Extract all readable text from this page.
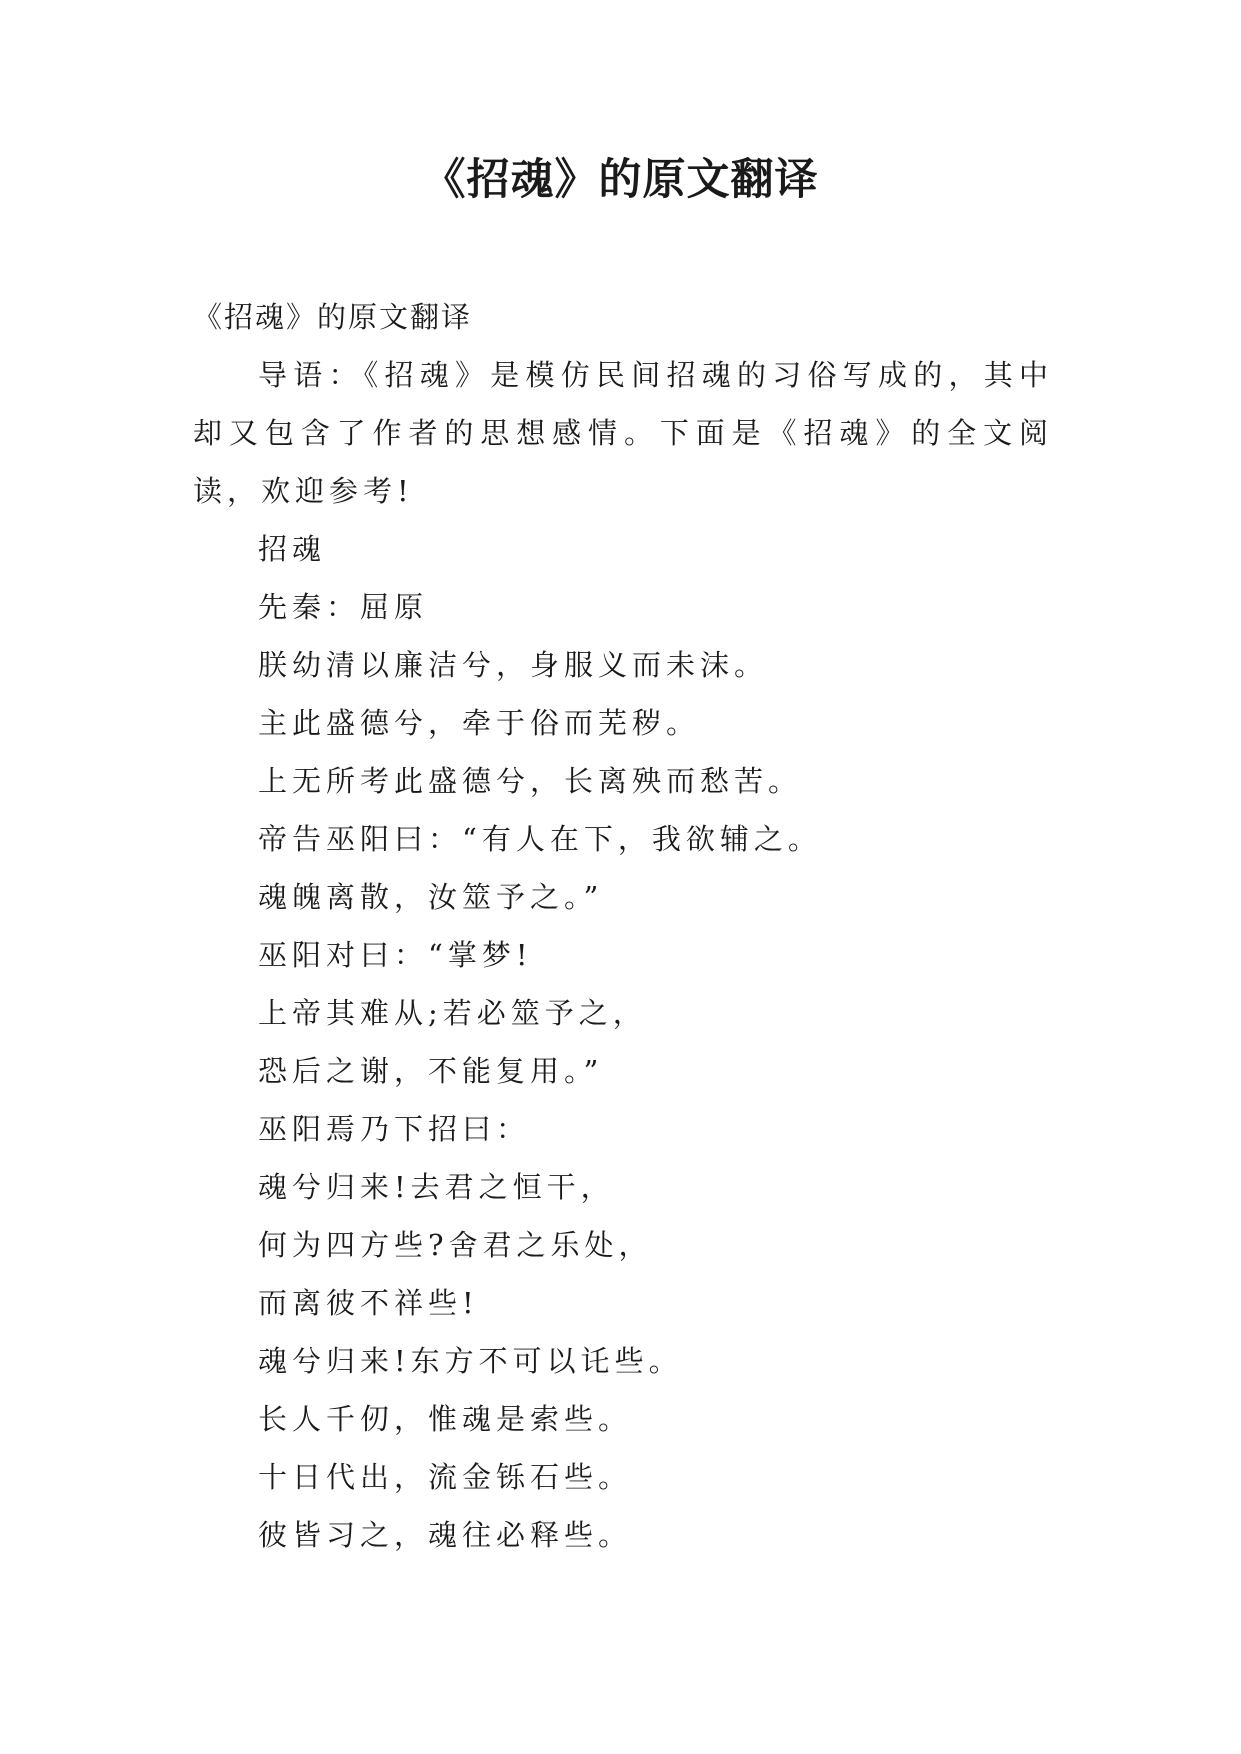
《招魂》的原文翻译

《招魂》的原文翻译

导语：《招魂》是模仿民间招魂的习俗写成的，其中却又包含了作者的思想感情。下面是《招魂》的全文阅读，欢迎参考!

招魂
先秦：屈原
朕幼清以廉洁兮，身服义而未沫。
主此盛德兮，牵于俗而芜秽。
上无所考此盛德兮，长离殃而愁苦。
帝告巫阳曰：“有人在下，我欲辅之。
魂魄离散，汝筮予之。”
巫阳对曰：“掌梦!
上帝其难从;若必筮予之，
恐后之谢，不能复用。”
巫阳焉乃下招曰：
魂兮归来!去君之恒干，
何为四方些?舍君之乐处，
而离彼不祥些!
魂兮归来!东方不可以讬些。
长人千仞，惟魂是索些。
十日代出，流金铄石些。
彼皆习之，魂往必释些。
